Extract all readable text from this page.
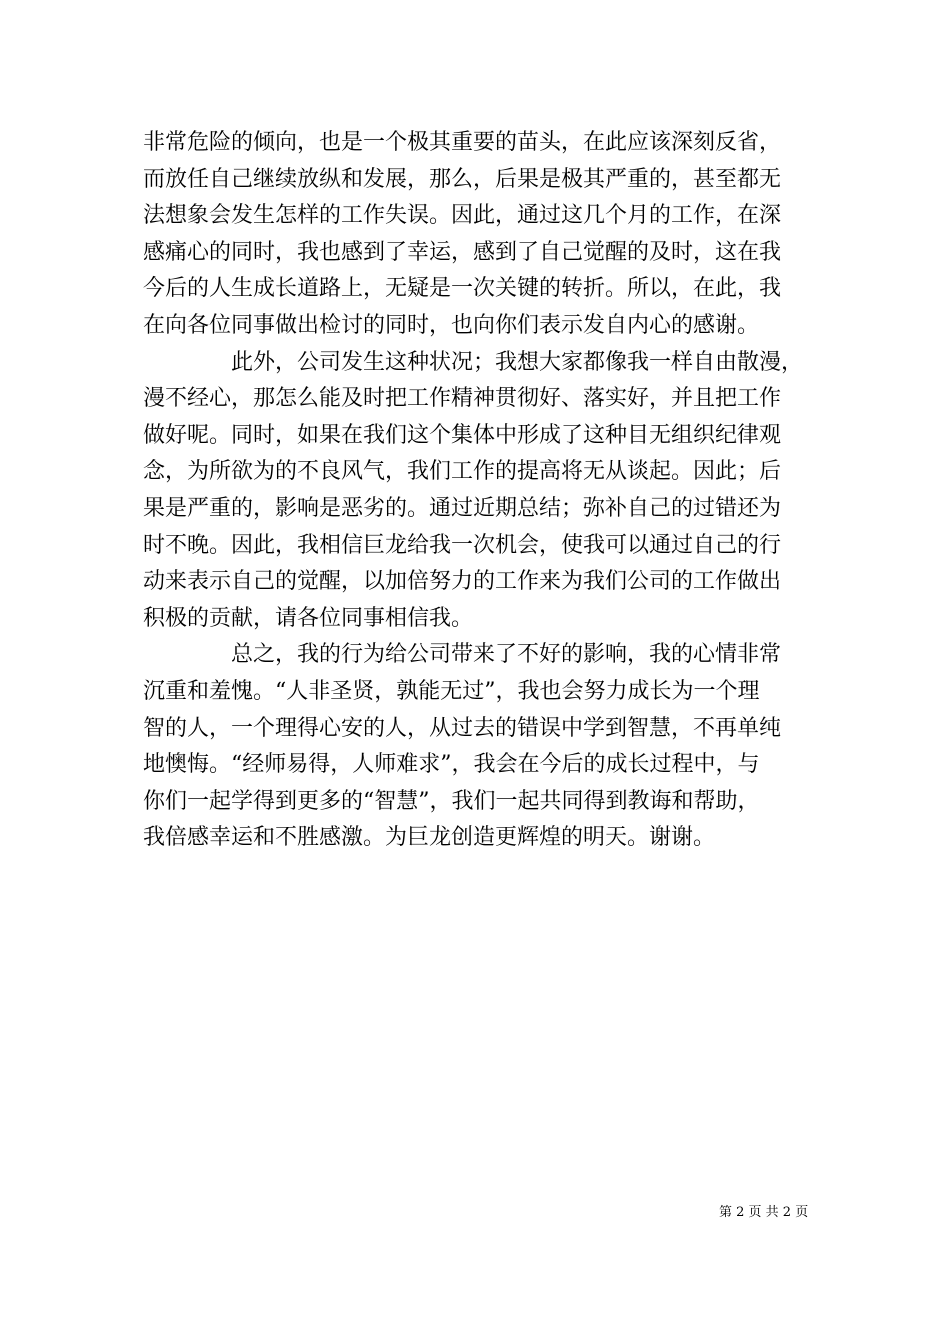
非常危险的倾向，也是一个极其重要的苗头，在此应该深刻反省，
而放任自己继续放纵和发展，那么，后果是极其严重的，甚至都无
法想象会发生怎样的工作失误。因此，通过这几个月的工作，在深
感痛心的同时，我也感到了幸运，感到了自己觉醒的及时，这在我
今后的人生成长道路上，无疑是一次关键的转折。所以，在此，我
在向各位同事做出检讨的同时，也向你们表示发自内心的感谢。
　　　　此外，公司发生这种状况；我想大家都像我一样自由散漫，
漫不经心，那怎么能及时把工作精神贯彻好、落实好，并且把工作
做好呢。同时，如果在我们这个集体中形成了这种目无组织纪律观
念，为所欲为的不良风气，我们工作的提高将无从谈起。因此；后
果是严重的，影响是恶劣的。通过近期总结；弥补自己的过错还为
时不晚。因此，我相信巨龙给我一次机会，使我可以通过自己的行
动来表示自己的觉醒，以加倍努力的工作来为我们公司的工作做出
积极的贡献，请各位同事相信我。
　　　　总之，我的行为给公司带来了不好的影响，我的心情非常
沉重和羞愧。“人非圣贤，孰能无过”，我也会努力成长为一个理
智的人，一个理得心安的人，从过去的错误中学到智慧，不再单纯
地懊悔。“经师易得，人师难求”，我会在今后的成长过程中，与
你们一起学得到更多的“智慧”，我们一起共同得到教诲和帮助，
我倍感幸运和不胜感激。为巨龙创造更辉煌的明天。谢谢。
第 2 页 共 2 页
